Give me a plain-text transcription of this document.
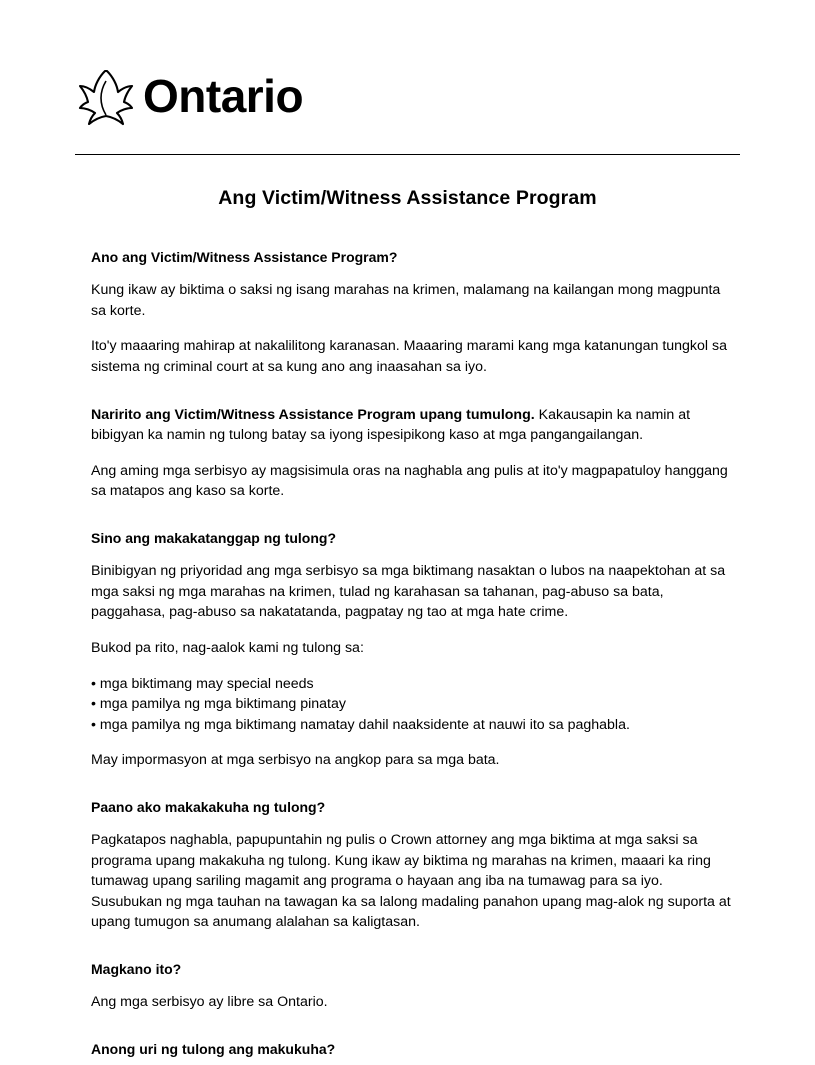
Ontario
Ang Victim/Witness Assistance Program
Ano ang Victim/Witness Assistance Program?

Kung ikaw ay biktima o saksi ng isang marahas na krimen, malamang na kailangan mong magpunta sa korte.

Ito'y maaaring mahirap at nakalilitong karanasan. Maaaring marami kang mga katanungan tungkol sa sistema ng criminal court at sa kung ano ang inaasahan sa iyo.

Naririto ang Victim/Witness Assistance Program upang tumulong. Kakausapin ka namin at bibigyan ka namin ng tulong batay sa iyong ispesipikong kaso at mga pangangailangan.

Ang aming mga serbisyo ay magsisimula oras na naghabla ang pulis at ito'y magpapatuloy hanggang sa matapos ang kaso sa korte.

Sino ang makakatanggap ng tulong?

Binibigyan ng priyoridad ang mga serbisyo sa mga biktimang nasaktan o lubos na naapektohan at sa mga saksi ng mga marahas na krimen, tulad ng karahasan sa tahanan, pag-abuso sa bata, paggahasa, pag-abuso sa nakatatanda, pagpatay ng tao at mga hate crime.

Bukod pa rito, nag-aalok kami ng tulong sa:

• mga biktimang may special needs
• mga pamilya ng mga biktimang pinatay
• mga pamilya ng mga biktimang namatay dahil naaksidente at nauwi ito sa paghabla.

May impormasyon at mga serbisyo na angkop para sa mga bata.

Paano ako makakakuha ng tulong?

Pagkatapos naghabla, papupuntahin ng pulis o Crown attorney ang mga biktima at mga saksi sa programa upang makakuha ng tulong. Kung ikaw ay biktima ng marahas na krimen, maaari ka ring tumawag upang sariling magamit ang programa o hayaan ang iba na tumawag para sa iyo. Susubukan ng mga tauhan na tawagan ka sa lalong madaling panahon upang mag-alok ng suporta at upang tumugon sa anumang alalahan sa kaligtasan.

Magkano ito?

Ang mga serbisyo ay libre sa Ontario.

Anong uri ng tulong ang makukuha?
